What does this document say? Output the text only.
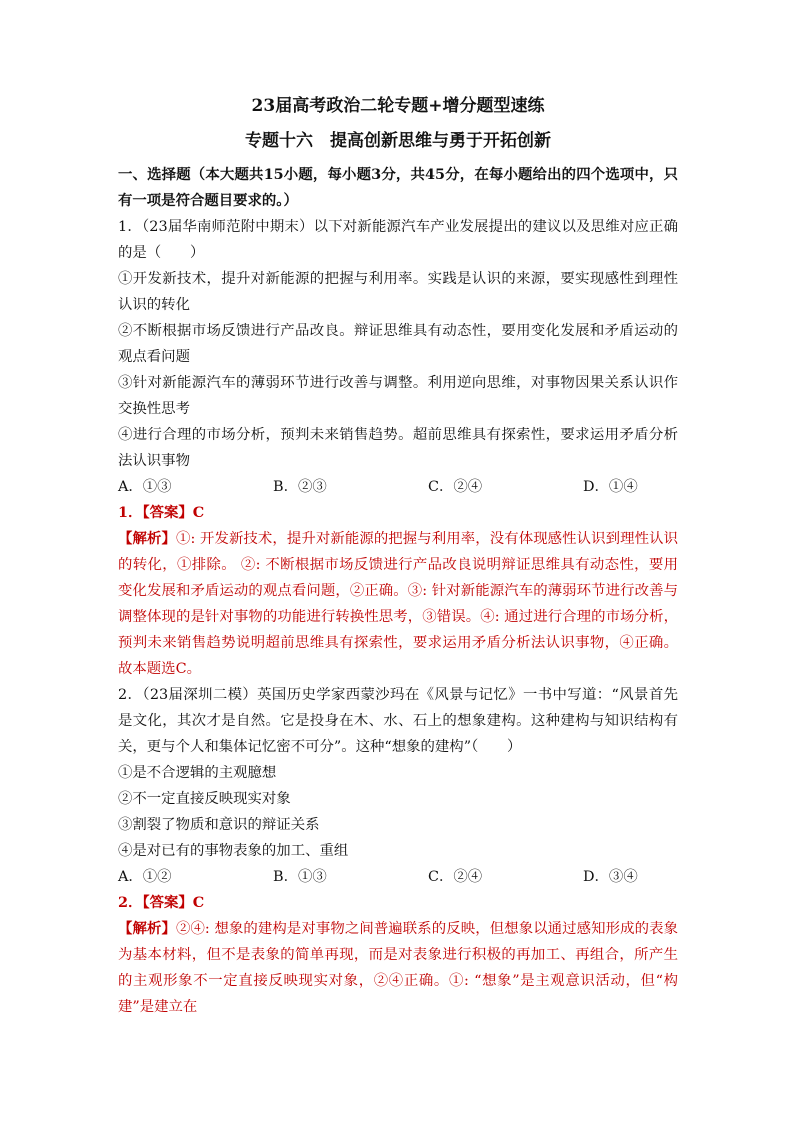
23届高考政治二轮专题+增分题型速练
专题十六　提高创新思维与勇于开拓创新
一、选择题（本大题共15小题，每小题3分，共45分，在每小题给出的四个选项中，只有一项是符合题目要求的。）

1．（23届华南师范附中期末）以下对新能源汽车产业发展提出的建议以及思维对应正确的是（　　）

①开发新技术，提升对新能源的把握与利用率。实践是认识的来源，要实现感性到理性认识的转化

②不断根据市场反馈进行产品改良。辩证思维具有动态性，要用变化发展和矛盾运动的观点看问题

③针对新能源汽车的薄弱环节进行改善与调整。利用逆向思维，对事物因果关系认识作交换性思考

④进行合理的市场分析，预判未来销售趋势。超前思维具有探索性，要求运用矛盾分析法认识事物

A．①③	B．②③	C．②④	D．①④
1．【答案】C
【解析】①: 开发新技术，提升对新能源的把握与利用率，没有体现感性认识到理性认识的转化，①排除。 ②: 不断根据市场反馈进行产品改良说明辩证思维具有动态性，要用变化发展和矛盾运动的观点看问题，②正确。③: 针对新能源汽车的薄弱环节进行改善与调整体现的是针对事物的功能进行转换性思考，③错误。④: 通过进行合理的市场分析，预判未来销售趋势说明超前思维具有探索性，要求运用矛盾分析法认识事物，④正确。故本题选C。

2．（23届深圳二模）英国历史学家西蒙沙玛在《风景与记忆》一书中写道：“风景首先是文化，其次才是自然。它是投身在木、水、石上的想象建构。这种建构与知识结构有关，更与个人和集体记忆密不可分”。这种“想象的建构”（　　）

①是不合逻辑的主观臆想

②不一定直接反映现实对象

③割裂了物质和意识的辩证关系

④是对已有的事物表象的加工、重组

A．①②	B．①③	C．②④	D．③④
2．【答案】C
【解析】②④: 想象的建构是对事物之间普遍联系的反映，但想象以通过感知形成的表象为基本材料，但不是表象的简单再现，而是对表象进行积极的再加工、再组合，所产生的主观形象不一定直接反映现实对象，②④正确。①: “想象”是主观意识活动，但“构建”是建立在
